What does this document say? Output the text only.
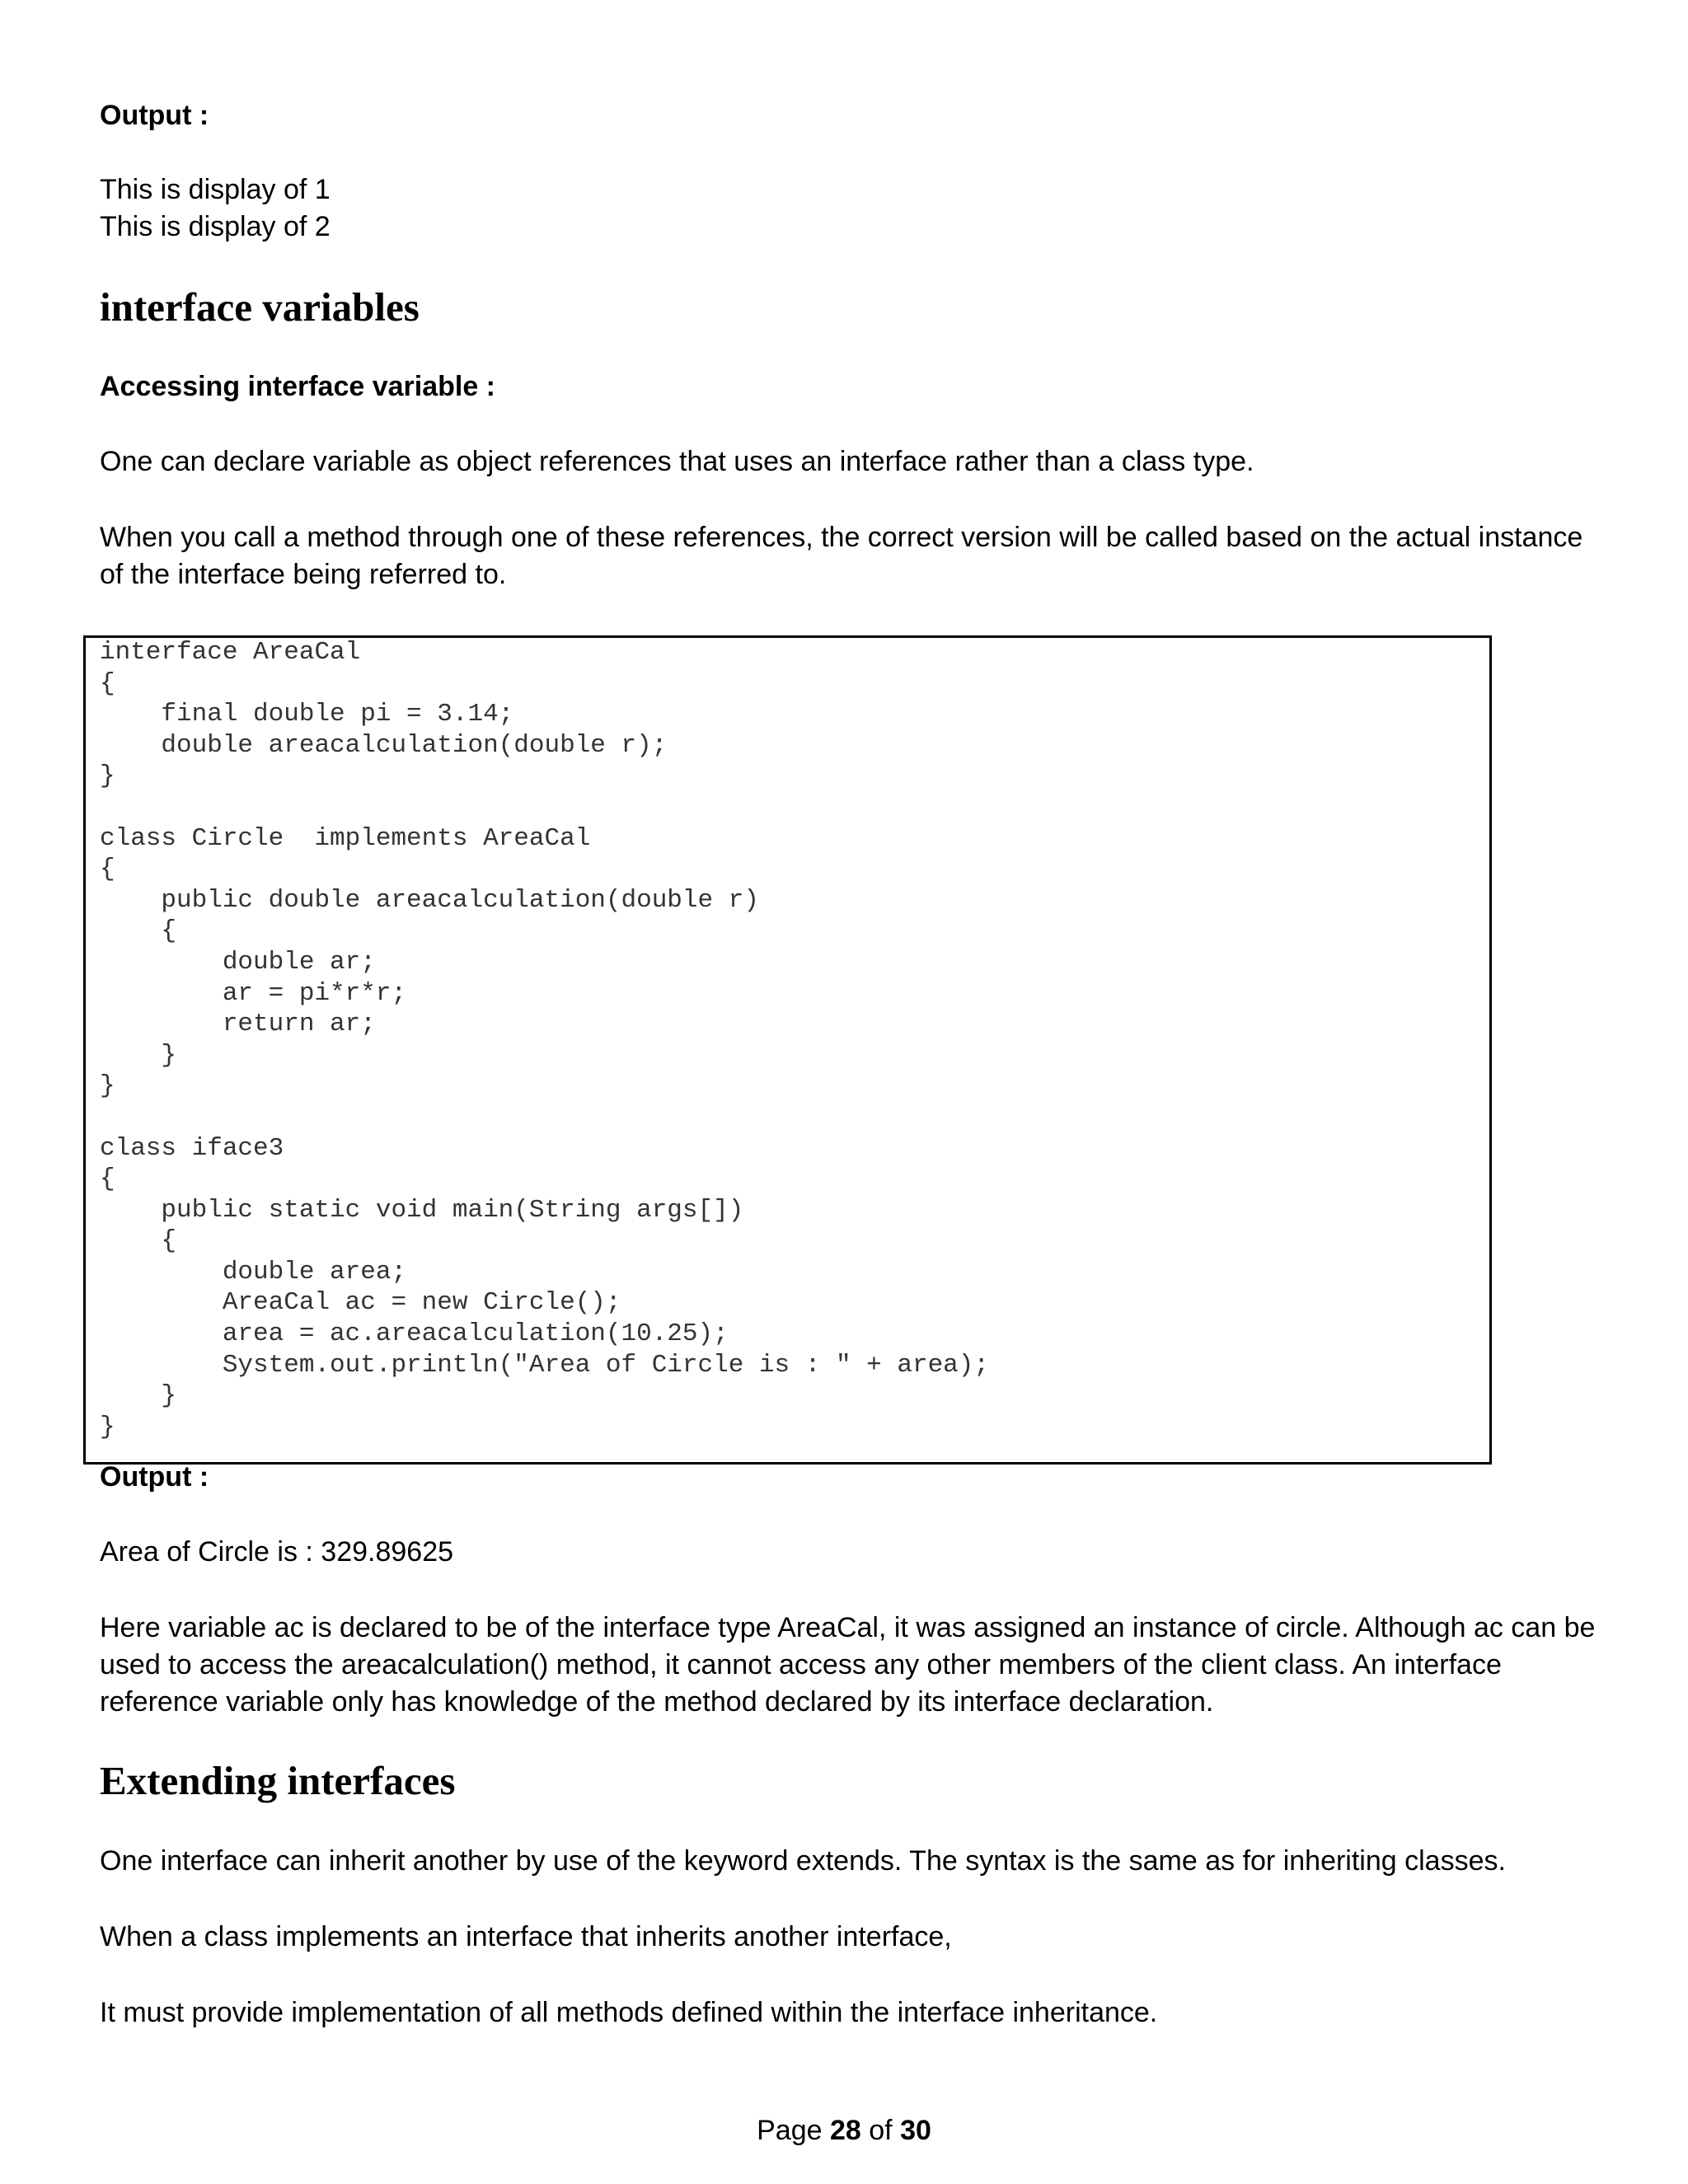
Output :
This is display of 1
This is display of 2
interface variables
Accessing interface variable :
One can declare variable as object references that uses an interface rather than a class type.
When you call a method through one of these references, the correct version will be called based on the actual instance of the interface being referred to.
interface AreaCal
{
final double pi = 3.14;
double areacalculation(double r);
}

class Circle  implements AreaCal
{
public double areacalculation(double r)
{
double ar;
ar = pi*r*r;
return ar;
}
}

class iface3
{
public static void main(String args[])
{
double area;
AreaCal ac = new Circle();
area = ac.areacalculation(10.25);
System.out.println("Area of Circle is : " + area);
}
}
Output :
Area of Circle is : 329.89625
Here variable ac is declared to be of the interface type AreaCal, it was assigned an instance of circle. Although ac can be used to access the areacalculation() method, it cannot access any other members of the client class. An interface reference variable only has knowledge of the method declared by its interface declaration.
Extending interfaces
One interface can inherit another by use of the keyword extends. The syntax is the same as for inheriting classes.
When a class implements an interface that inherits another interface,
It must provide implementation of all methods defined within the interface inheritance.
Page 28 of 30
